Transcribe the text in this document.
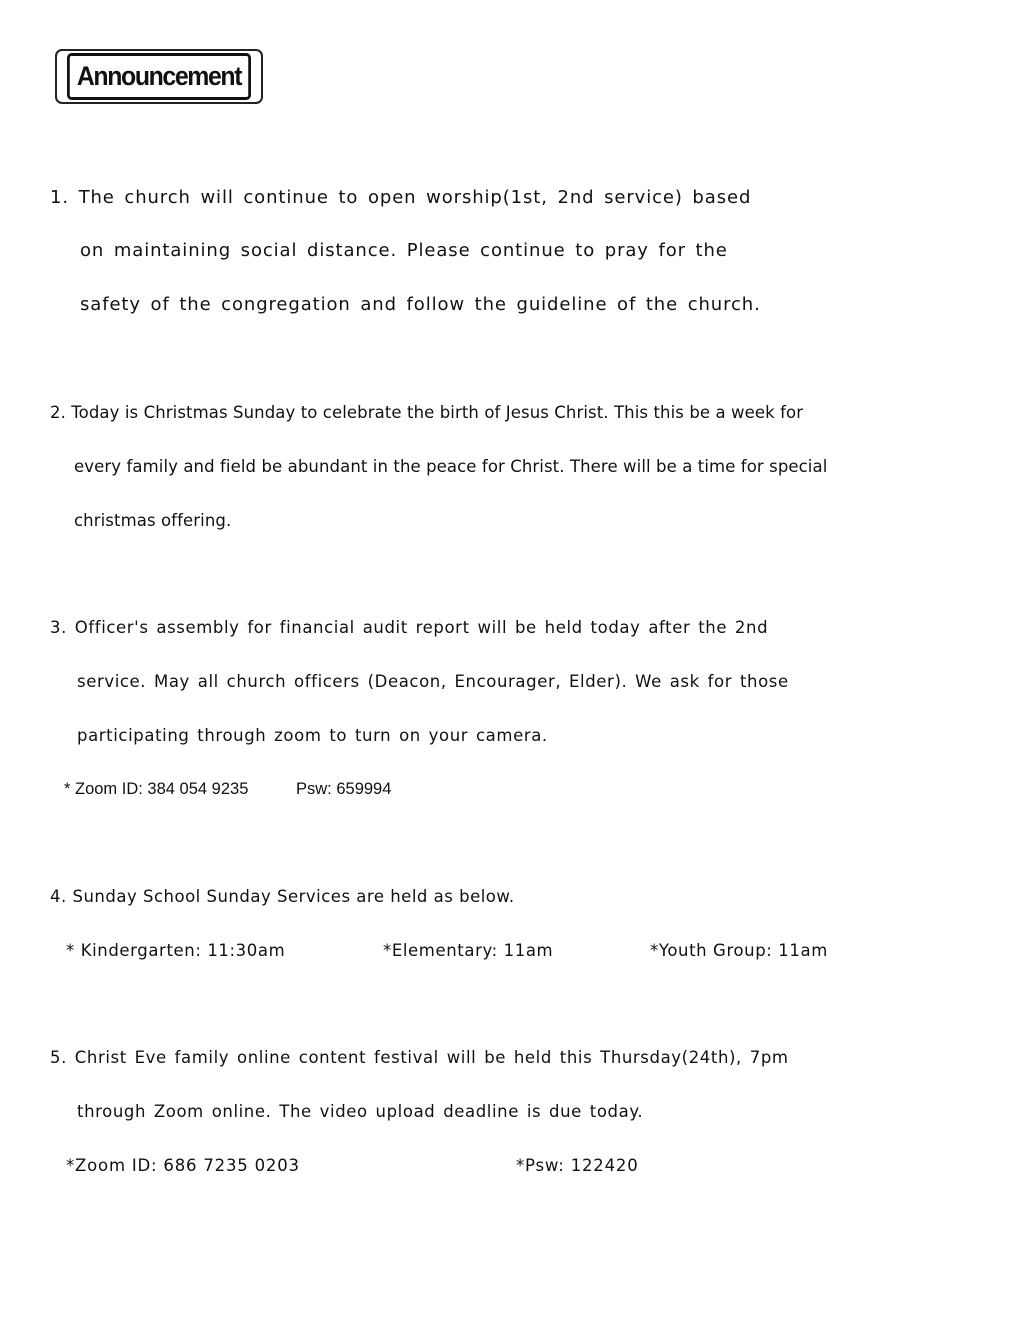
Announcement
1. The church will continue to open worship(1st, 2nd service) based
on maintaining social distance. Please continue to pray for the
safety of the congregation and follow the guideline of the church.
2. Today is Christmas Sunday to celebrate the birth of Jesus Christ. This this be a week for
every family and field be abundant in the peace for Christ. There will be a time for special
christmas offering.
3. Officer's assembly for financial audit report will be held today after the 2nd
service. May all church officers (Deacon, Encourager, Elder). We ask for those
participating through zoom to turn on your camera.
* Zoom ID: 384 054 9235	Psw: 659994
4. Sunday School Sunday Services are held as below.
* Kindergarten: 11:30am	*Elementary: 11am	*Youth Group: 11am
5. Christ Eve family online content festival will be held this Thursday(24th), 7pm
through Zoom online. The video upload deadline is due today.
*Zoom ID: 686 7235 0203	*Psw: 122420
